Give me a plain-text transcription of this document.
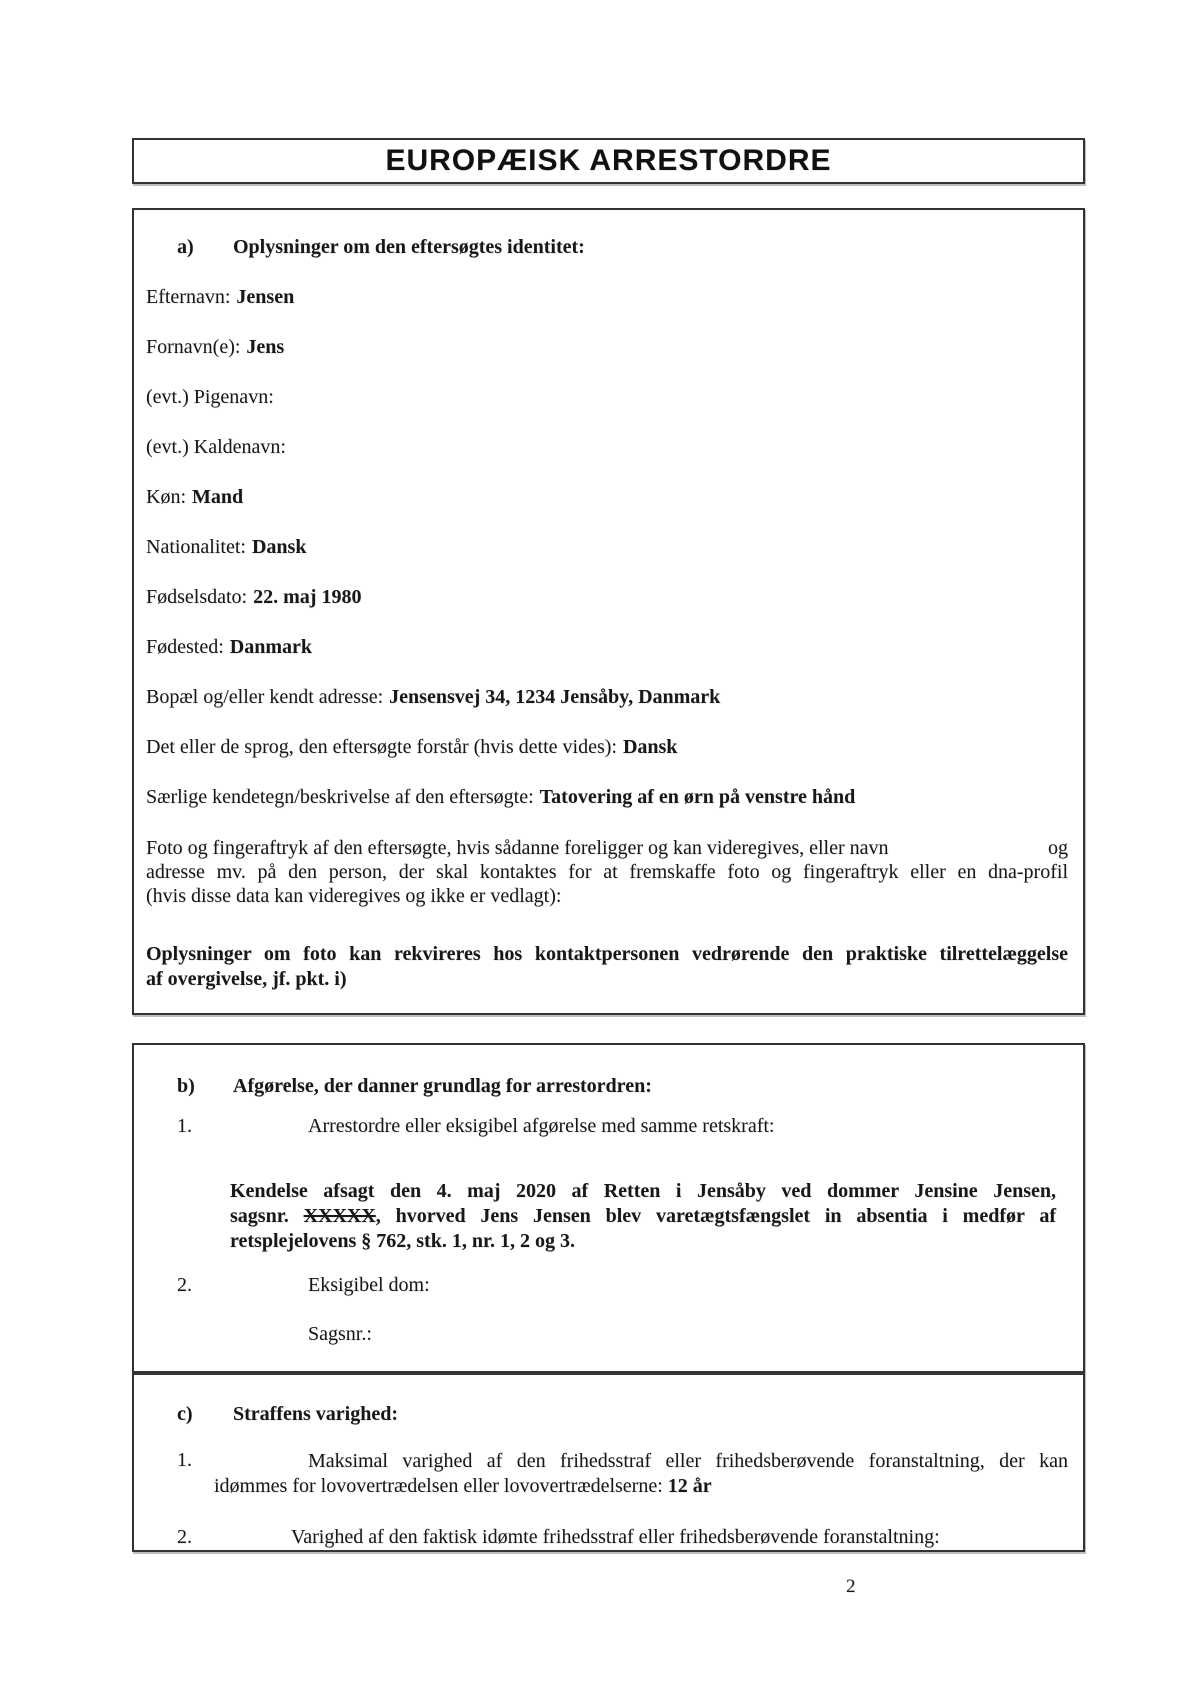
EUROPÆISK ARRESTORDRE
a) Oplysninger om den eftersøgtes identitet:
Efternavn: Jensen
Fornavn(e): Jens
(evt.) Pigenavn:
(evt.) Kaldenavn:
Køn: Mand
Nationalitet: Dansk
Fødselsdato: 22. maj 1980
Fødested: Danmark
Bopæl og/eller kendt adresse: Jensensvej 34, 1234 Jensåby, Danmark
Det eller de sprog, den eftersøgte forstår (hvis dette vides): Dansk
Særlige kendetegn/beskrivelse af den eftersøgte: Tatovering af en ørn på venstre hånd
Foto og fingeraftryk af den eftersøgte, hvis sådanne foreligger og kan videregives, eller navn	og
adresse mv. på den person, der skal kontaktes for at fremskaffe foto og fingeraftryk eller en dna-profil
(hvis disse data kan videregives og ikke er vedlagt):
Oplysninger om foto kan rekvireres hos kontaktpersonen vedrørende den praktiske tilrettelæggelse
af overgivelse, jf. pkt. i)
b) Afgørelse, der danner grundlag for arrestordren:
1.	Arrestordre eller eksigibel afgørelse med samme retskraft:
Kendelse afsagt den 4. maj 2020 af Retten i Jensåby ved dommer Jensine Jensen,
sagsnr. XXXXX, hvorved Jens Jensen blev varetægtsfængslet in absentia i medfør af
retsplejelovens § 762, stk. 1, nr. 1, 2 og 3.
2.	Eksigibel dom:
Sagsnr.:
c) Straffens varighed:
1.	Maksimal varighed af den frihedsstraf eller frihedsberøvende foranstaltning, der kan
idømmes for lovovertrædelsen eller lovovertrædelserne: 12 år
2.	Varighed af den faktisk idømte frihedsstraf eller frihedsberøvende foranstaltning:
2
